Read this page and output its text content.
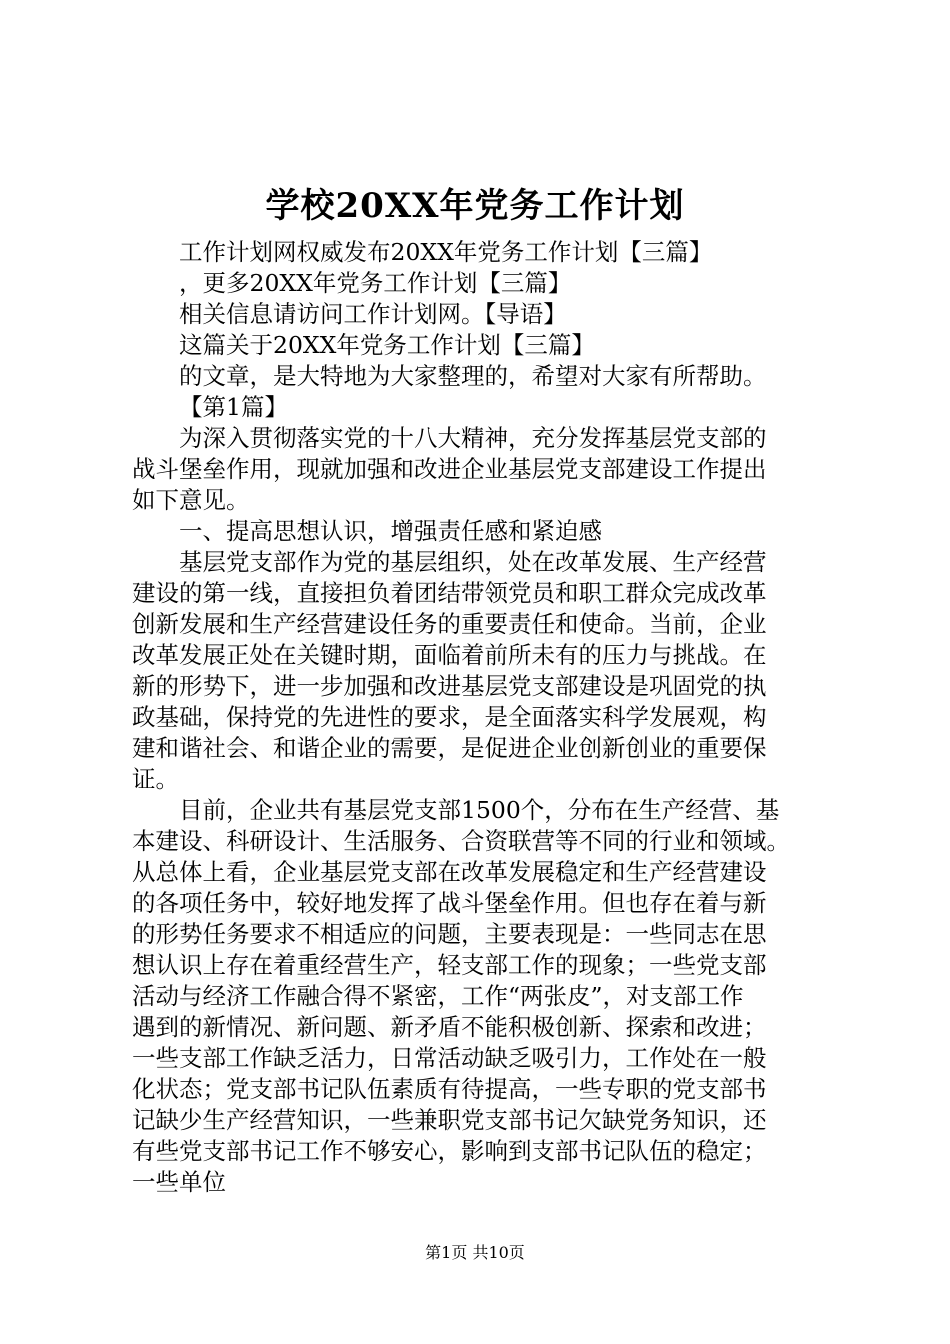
学校20XX年党务工作计划
工作计划网权威发布20XX年党务工作计划【三篇】
，更多20XX年党务工作计划【三篇】
相关信息请访问工作计划网。【导语】
这篇关于20XX年党务工作计划【三篇】
的文章，是大特地为大家整理的，希望对大家有所帮助。
【第1篇】
为深入贯彻落实党的十八大精神，充分发挥基层党支部的
战斗堡垒作用，现就加强和改进企业基层党支部建设工作提出
如下意见。
一、提高思想认识，增强责任感和紧迫感
基层党支部作为党的基层组织，处在改革发展、生产经营
建设的第一线，直接担负着团结带领党员和职工群众完成改革
创新发展和生产经营建设任务的重要责任和使命。当前，企业
改革发展正处在关键时期，面临着前所未有的压力与挑战。在
新的形势下，进一步加强和改进基层党支部建设是巩固党的执
政基础，保持党的先进性的要求，是全面落实科学发展观，构
建和谐社会、和谐企业的需要，是促进企业创新创业的重要保
证。
目前，企业共有基层党支部1500个，分布在生产经营、基
本建设、科研设计、生活服务、合资联营等不同的行业和领域。
从总体上看，企业基层党支部在改革发展稳定和生产经营建设
的各项任务中，较好地发挥了战斗堡垒作用。但也存在着与新
的形势任务要求不相适应的问题，主要表现是：一些同志在思
想认识上存在着重经营生产，轻支部工作的现象；一些党支部
活动与经济工作融合得不紧密，工作“两张皮”，对支部工作
遇到的新情况、新问题、新矛盾不能积极创新、探索和改进；
一些支部工作缺乏活力，日常活动缺乏吸引力，工作处在一般
化状态；党支部书记队伍素质有待提高，一些专职的党支部书
记缺少生产经营知识，一些兼职党支部书记欠缺党务知识，还
有些党支部书记工作不够安心，影响到支部书记队伍的稳定；
一些单位
第1页 共10页
